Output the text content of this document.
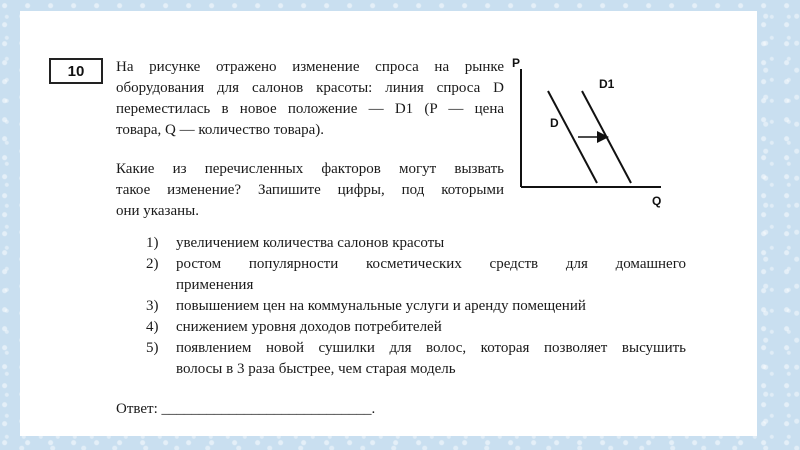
10 На рисунке отражено изменение спроса на рынке
оборудования для салонов красоты: линия спроса D
переместилась в новое положение — D1 (P — цена
товара, Q — количество товара).
Какие из перечисленных факторов могут вызвать
такое изменение? Запишите цифры, под которыми
они указаны.
P
Q
D
D1
1) увеличением количества салонов красоты
2) ростом популярности косметических средств для домашнего
применения
3) повышением цен на коммунальные услуги и аренду помещений
4) снижением уровня доходов потребителей
5) появлением новой сушилки для волос, которая позволяет высушить
волосы в 3 раза быстрее, чем старая модель
Ответ: ____________________________.
